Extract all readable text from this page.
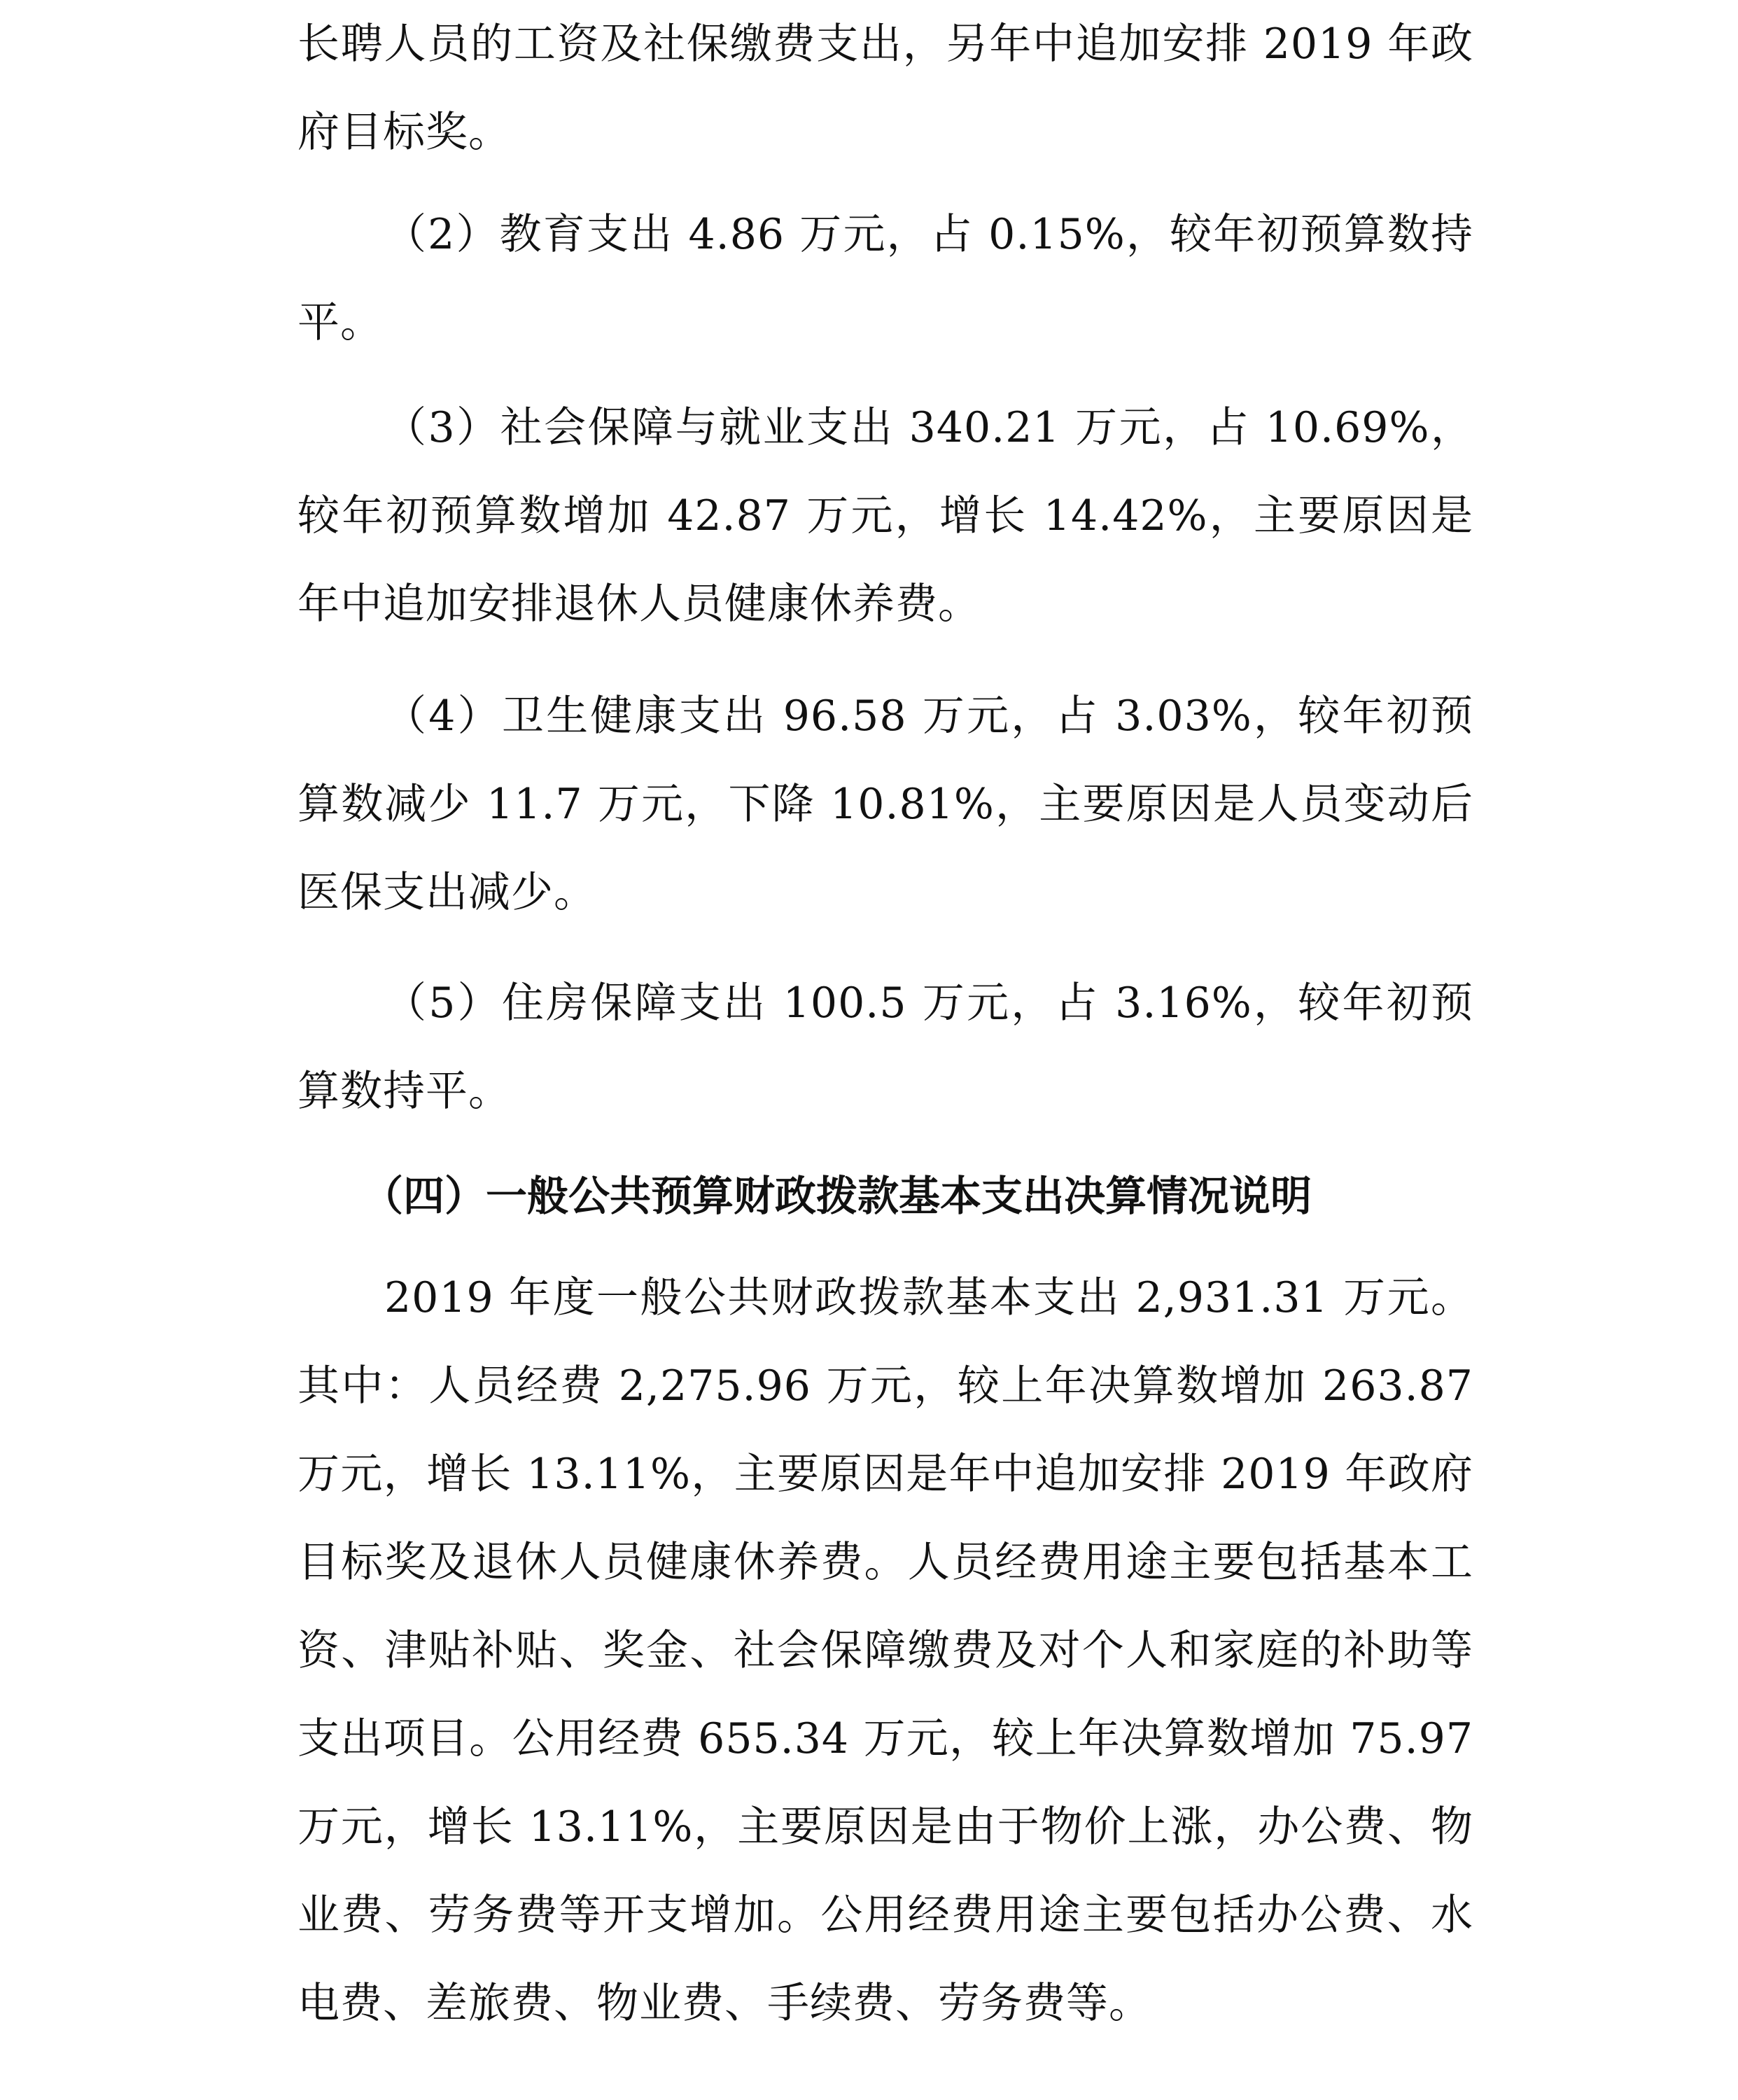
长聘人员的工资及社保缴费支出，另年中追加安排 2019 年政府目标奖。

（2）教育支出 4.86 万元，占 0.15%，较年初预算数持平。

（3）社会保障与就业支出 340.21 万元，占 10.69%，较年初预算数增加 42.87 万元，增长 14.42%，主要原因是年中追加安排退休人员健康休养费。

（4）卫生健康支出 96.58 万元，占 3.03%，较年初预算数减少 11.7 万元，下降 10.81%，主要原因是人员变动后医保支出减少。

（5）住房保障支出 100.5 万元，占 3.16%，较年初预算数持平。

（四）一般公共预算财政拨款基本支出决算情况说明

2019 年度一般公共财政拨款基本支出 2,931.31 万元。其中：人员经费 2,275.96 万元，较上年决算数增加 263.87 万元，增长 13.11%，主要原因是年中追加安排 2019 年政府目标奖及退休人员健康休养费。人员经费用途主要包括基本工资、津贴补贴、奖金、社会保障缴费及对个人和家庭的补助等支出项目。公用经费 655.34 万元，较上年决算数增加 75.97 万元，增长 13.11%，主要原因是由于物价上涨，办公费、物业费、劳务费等开支增加。公用经费用途主要包括办公费、水电费、差旅费、物业费、手续费、劳务费等。
